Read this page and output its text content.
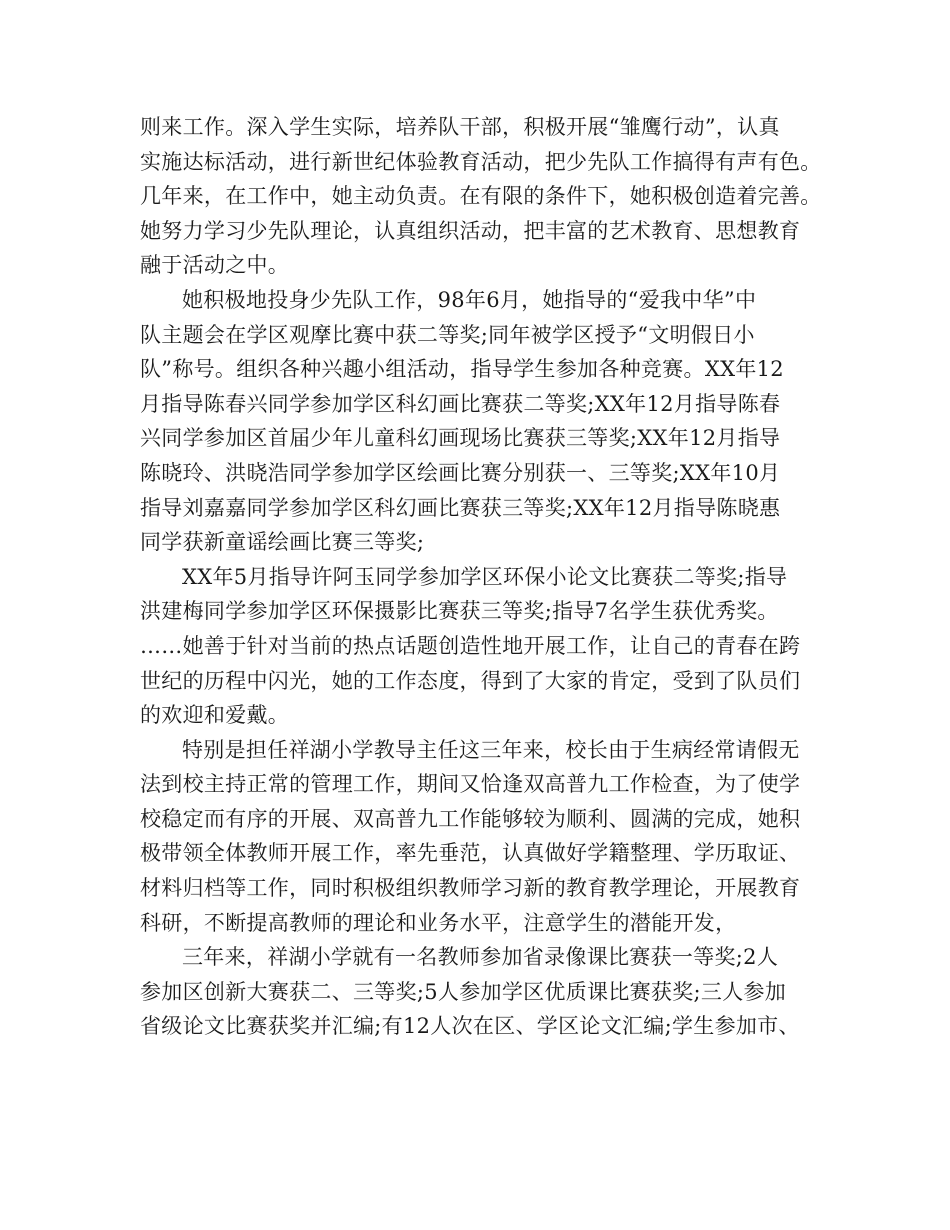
则来工作。深入学生实际，培养队干部，积极开展“雏鹰行动”，认真
实施达标活动，进行新世纪体验教育活动，把少先队工作搞得有声有色。
几年来，在工作中，她主动负责。在有限的条件下，她积极创造着完善。
她努力学习少先队理论，认真组织活动，把丰富的艺术教育、思想教育
融于活动之中。
她积极地投身少先队工作，98年6月，她指导的“爱我中华”中
队主题会在学区观摩比赛中获二等奖;同年被学区授予“文明假日小
队”称号。组织各种兴趣小组活动，指导学生参加各种竞赛。XX年12
月指导陈春兴同学参加学区科幻画比赛获二等奖;XX年12月指导陈春
兴同学参加区首届少年儿童科幻画现场比赛获三等奖;XX年12月指导
陈晓玲、洪晓浩同学参加学区绘画比赛分别获一、三等奖;XX年10月
指导刘嘉嘉同学参加学区科幻画比赛获三等奖;XX年12月指导陈晓惠
同学获新童谣绘画比赛三等奖;
XX年5月指导许阿玉同学参加学区环保小论文比赛获二等奖;指导
洪建梅同学参加学区环保摄影比赛获三等奖;指导7名学生获优秀奖。
……她善于针对当前的热点话题创造性地开展工作，让自己的青春在跨
世纪的历程中闪光，她的工作态度，得到了大家的肯定，受到了队员们
的欢迎和爱戴。
特别是担任祥湖小学教导主任这三年来，校长由于生病经常请假无
法到校主持正常的管理工作，期间又恰逢双高普九工作检查，为了使学
校稳定而有序的开展、双高普九工作能够较为顺利、圆满的完成，她积
极带领全体教师开展工作，率先垂范，认真做好学籍整理、学历取证、
材料归档等工作，同时积极组织教师学习新的教育教学理论，开展教育
科研，不断提高教师的理论和业务水平，注意学生的潜能开发，
三年来，祥湖小学就有一名教师参加省录像课比赛获一等奖;2人
参加区创新大赛获二、三等奖;5人参加学区优质课比赛获奖;三人参加
省级论文比赛获奖并汇编;有12人次在区、学区论文汇编;学生参加市、
